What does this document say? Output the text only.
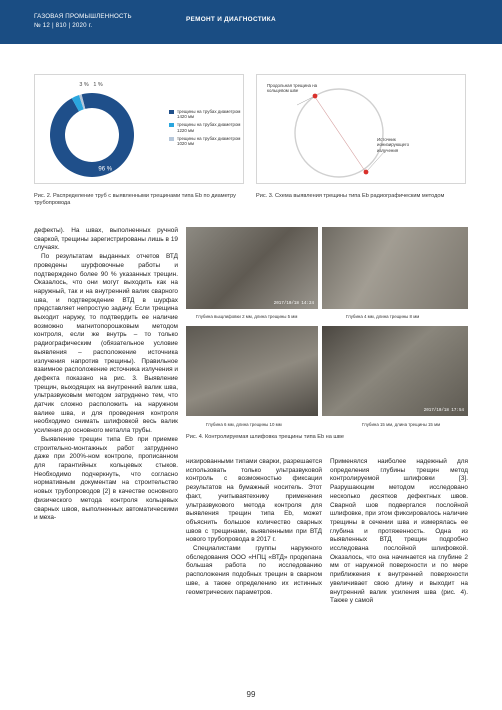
ГАЗОВАЯ ПРОМЫШЛЕННОСТЬ
№ 12 | 810 | 2020 г.
РЕМОНТ И ДИАГНОСТИКА
96 %
3 % 1 %
трещины на трубах диаметром 1420 мм
трещины на трубах диаметром 1220 мм
трещины на трубах диаметром 1020 мм
Рис. 2. Распределение труб с выявленными трещинами типа Eb по диаметру трубопровода
Продольная трещина на кольцевом шве
Источник ионизирующего излучения
Рис. 3. Схема выявления трещины типа Eb радиографическим методом

дефекты). На швах, выполненных ручной сваркой, трещины зарегистрированы лишь в 19 случаях.

По результатам выданных отчетов ВТД проведены шурфовочные работы и подтверждено более 90 % указанных трещин. Оказалось, что они могут выходить как на наружный, так и на внутренний валик сварного шва, и подтверждение ВТД в шурфах представляет непростую задачу. Если трещина выходит наружу, то подтвердить ее наличие возможно магнитопорошковым методом контроля, если же внутрь – то только радиографическим (обязательное условие выявления – расположение источника излучения напротив трещины). Правильное взаимное расположение источника излучения и дефекта показано на рис. 3. Выявление трещин, выходящих на внутренний валик шва, ультразвуковым методом затруднено тем, что датчик сложно расположить на наружном валике шва, и для проведения контроля необходимо снимать шлифовкой весь валик усиления до основного металла трубы.

Выявление трещин типа Eb при приемке строительно-монтажных работ затруднено даже при 200%-ном контроле, прописанном для гарантийных кольцевых стыков. Необходимо подчеркнуть, что согласно нормативным документам на строительство новых трубопроводов [2] в качестве основного физического метода контроля кольцевых сварных швов, выполненных автоматическими и меха-

2017/10/18 14:24
Глубина выщлифовки 2 мм, длина трещины 5 мм	Глубина 4 мм, длина трещины 8 мм
2017/10/18 17:54
Глубина 6 мм, длина трещины 10 мм	Глубина 15 мм, длина трещины 15 мм
Рис. 4. Контролируемая шлифовка трещины типа Eb на шве

низированными типами сварки, разрешается использовать только ультразвуковой контроль с возможностью фиксации результатов на бумажный носитель. Этот факт, учитываятехнику применения ультразвукового метода контроля для выявления трещин типа Eb, может объяснить большое количество сварных швов с трещинами, выявленными при ВТД нового трубопровода в 2017 г.

Специалистами группы наружного обследования ООО «НПЦ «ВТД» проделана большая работа по исследованию расположения подобных трещин в сварном шве, а также определению их истинных геометрических параметров.

Применялся наиболее надежный для определения глубины трещин метод контролируемой шлифовки [3]. Разрушающим методом исследовано несколько десятков дефектных швов. Сварной шов подвергался послойной шлифовке, при этом фиксировалось наличие трещины в сечении шва и измерялась ее глубина и протяженность. Одна из выявленных ВТД трещин подробно исследована послойной шлифовкой. Оказалось, что она начинается на глубине 2 мм от наружной поверхности и по мере приближения к внутренней поверхности увеличивает свою длину и выходит на внутренний валик усиления шва (рис. 4). Также у самой

99
